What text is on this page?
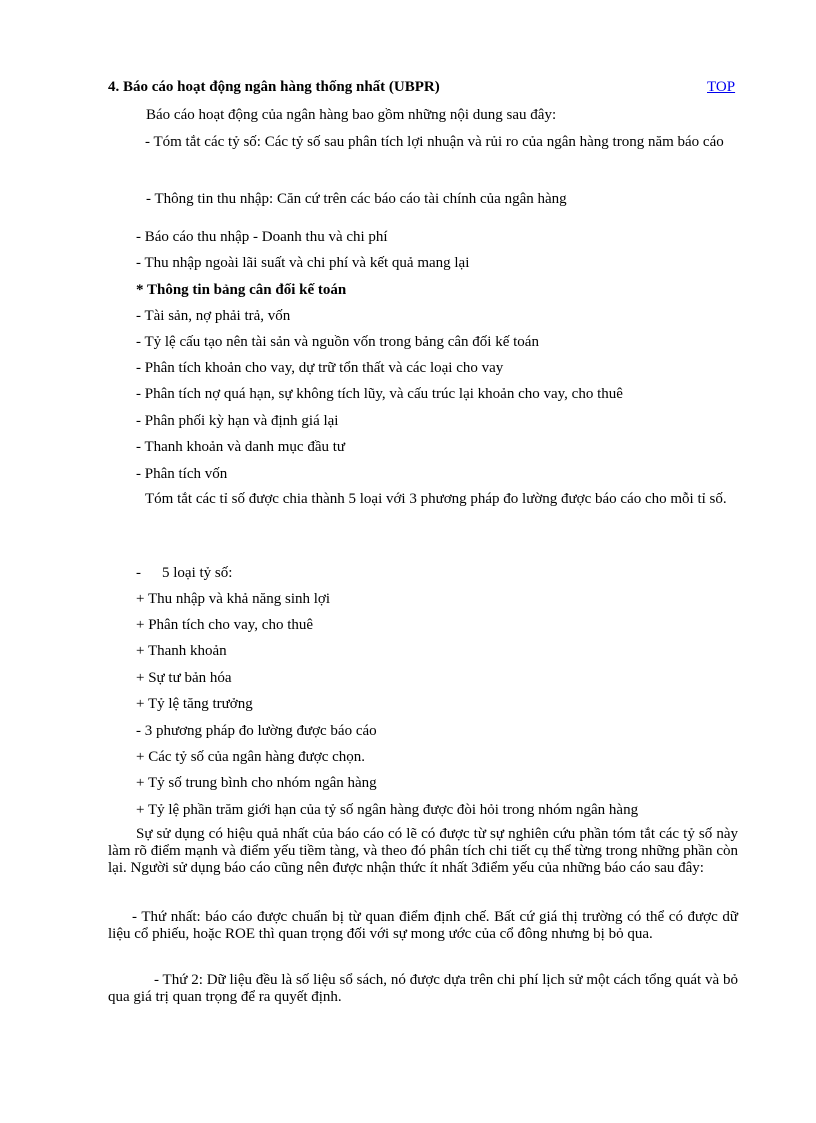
4. Báo cáo hoạt động ngân hàng thống nhất (UBPR)	TOP
Báo cáo hoạt động của ngân hàng bao gồm những nội dung sau đây:
- Tóm tắt các tỷ số: Các tỷ số sau phân tích lợi nhuận và rủi ro của ngân hàng trong năm báo cáo
- Thông tin thu nhập: Căn cứ trên các báo cáo tài chính của ngân hàng
- Báo cáo thu nhập - Doanh thu và chi phí
- Thu nhập ngoài lãi suất và chi phí và kết quả mang lại
* Thông tin bảng cân đối kế toán
- Tài sản, nợ phải trả, vốn
- Tỷ lệ cấu tạo nên tài sản và nguồn vốn trong bảng cân đối kế toán
- Phân tích khoản cho vay, dự trữ tổn thất và các loại cho vay
- Phân tích nợ quá hạn, sự không tích lũy, và cấu trúc lại khoản cho vay, cho thuê
- Phân phối kỳ hạn và định giá lại
- Thanh khoản và danh mục đầu tư
- Phân tích vốn
Tóm tắt các tỉ số được chia thành 5 loại với 3 phương pháp đo lường được báo cáo cho mỗi tỉ số.
- 5 loại tỷ số:
+ Thu nhập và khả năng sinh lợi
+ Phân tích cho vay, cho thuê
+ Thanh khoản
+ Sự tư bản hóa
+ Tỷ lệ tăng trưởng
- 3 phương pháp đo lường được báo cáo
+ Các tỷ số của ngân hàng được chọn.
+ Tỷ số trung bình cho nhóm ngân hàng
+ Tỷ lệ phần trăm giới hạn của tỷ số ngân hàng được đòi hỏi trong nhóm ngân hàng
Sự sử dụng có hiệu quả nhất của báo cáo có lẽ có được từ sự nghiên cứu phần tóm tắt các tỷ số này làm rõ điểm mạnh và điểm yếu tiềm tàng, và theo đó phân tích chi tiết cụ thể từng trong những phần còn lại. Người sử dụng báo cáo cũng nên được nhận thức ít nhất 3điểm yếu của những báo cáo sau đây:
- Thứ nhất: báo cáo được chuẩn bị từ quan điểm định chế. Bất cứ giá thị trường có thể có được dữ liệu cổ phiếu, hoặc ROE thì quan trọng đối với sự mong ước của cổ đông nhưng bị bỏ qua.
- Thứ 2: Dữ liệu đều là số liệu sổ sách, nó được dựa trên chi phí lịch sử một cách tổng quát và bỏ qua giá trị quan trọng để ra quyết định.
